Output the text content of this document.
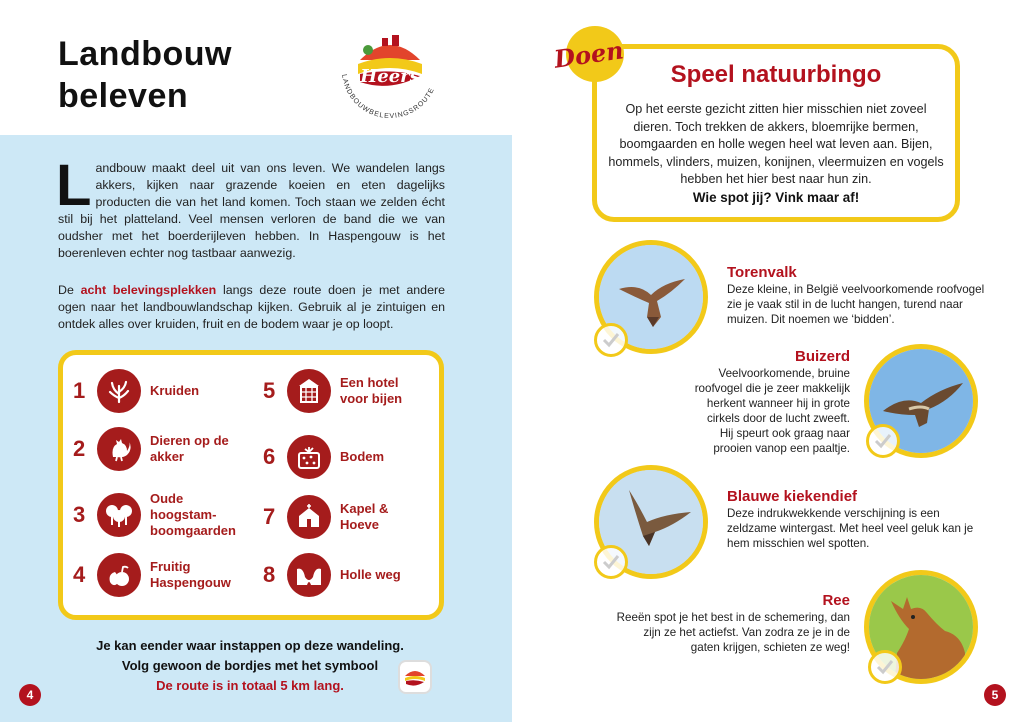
Landbouw
beleven
Heers
LANDBOUWBELEVINGSROUTE
Landbouw maakt deel uit van ons leven. We wandelen langs akkers, kijken naar grazende koeien en eten dagelijks producten die van het land komen. Toch staan we zelden écht stil bij het platteland. Veel mensen verloren de band die we van oudsher met het boerderijleven hebben. In Haspengouw is het boerenleven echter nog tastbaar aanwezig.
De acht belevingsplekken langs deze route doen je met andere ogen naar het landbouwlandschap kijken. Gebruik al je zintuigen en ontdek alles over kruiden, fruit en de bodem waar je op loopt.
1	Kruiden
2	Dieren op de akker
3
Oude hoogstam-boomgaarden
4	Fruitig Haspengouw
5	Een hotel voor bijen
6	Bodem
7	Kapel & Hoeve
8	Holle weg
Je kan eender waar instappen op deze wandeling.
Volg gewoon de bordjes met het symbool
De route is in totaal 5 km lang.
4
Speel natuurbingo
Op het eerste gezicht zitten hier misschien niet zoveel dieren. Toch trekken de akkers, bloemrijke bermen, boomgaarden en holle wegen heel wat leven aan. Bijen, hommels, vlinders, muizen, konijnen, vleermuizen en vogels hebben het hier best naar hun zin.
Wie spot jij? Vink maar af!
Doen
Torenvalk
Deze kleine, in België veelvoorkomende roofvogel zie je vaak stil in de lucht hangen, turend naar muizen. Dit noemen we ‘bidden’.
Buizerd
Veelvoorkomende, bruine roofvogel die je zeer makkelijk herkent wanneer hij in grote cirkels door de lucht zweeft. Hij speurt ook graag naar prooien vanop een paaltje.
Blauwe kiekendief
Deze indrukwekkende verschijning is een zeldzame wintergast. Met heel veel geluk kan je hem misschien wel spotten.
Ree
Reeën spot je het best in de schemering, dan zijn ze het actiefst. Van zodra ze je in de gaten krijgen, schieten ze weg!
5
